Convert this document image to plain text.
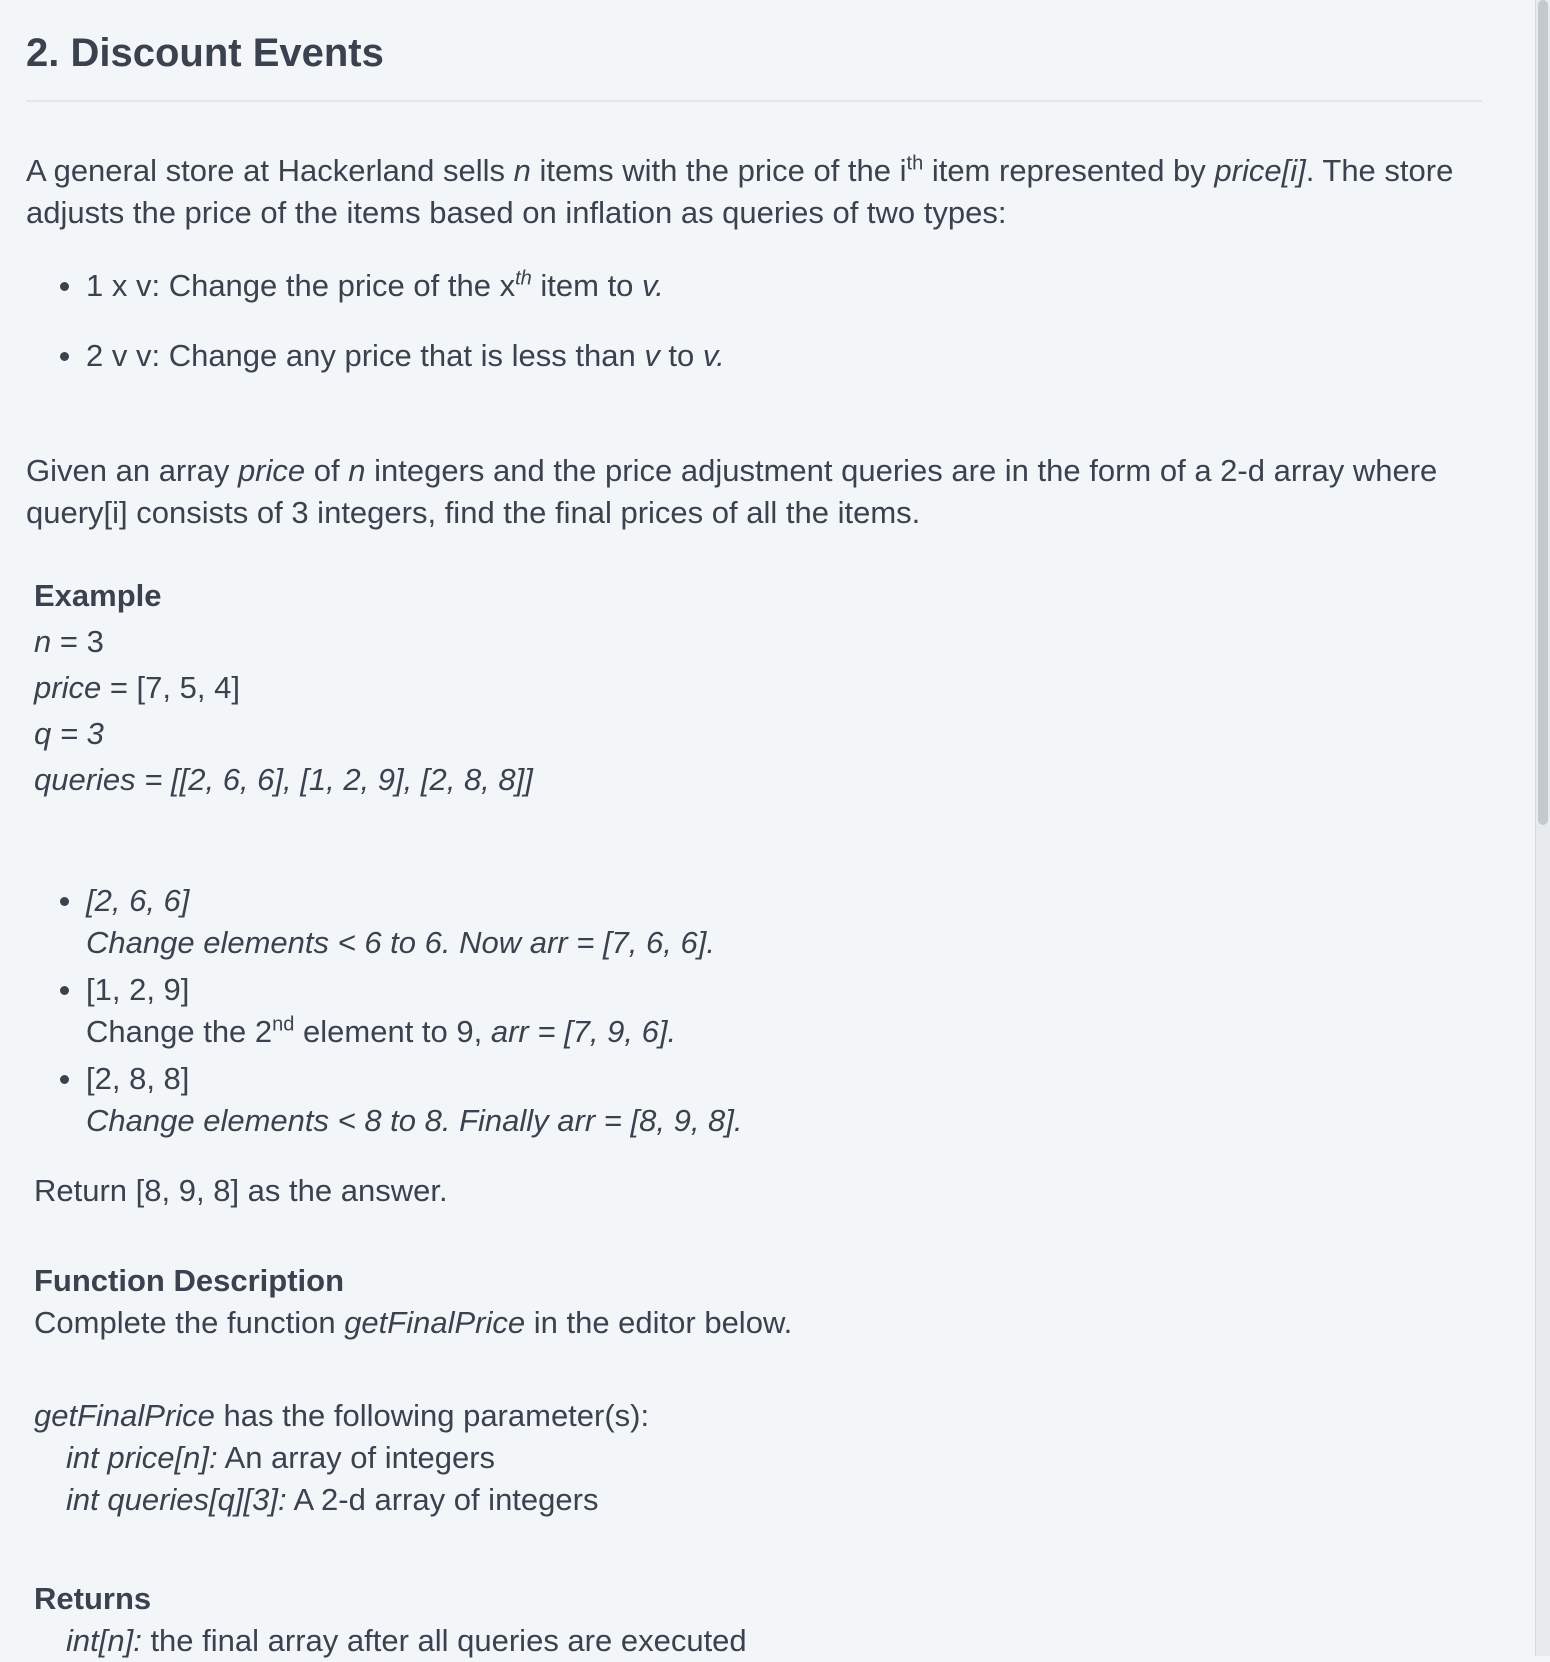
2. Discount Events
A general store at Hackerland sells n items with the price of the $i^{th}$ item represented by price[i]. The store adjusts the price of the items based on inflation as queries of two types:
1 x v: Change the price of the $x^{th}$ item to v.
2 v v: Change any price that is less than v to v.
Given an array price of n integers and the price adjustment queries are in the form of a 2-d array where query[i] consists of 3 integers, find the final prices of all the items.
Example
n = 3
price = [7, 5, 4]
q = 3
queries = [[2, 6, 6], [1, 2, 9], [2, 8, 8]]
[2, 6, 6]
Change elements < 6 to 6. Now arr = [7, 6, 6].
[1, 2, 9]
Change the 2nd element to 9, arr = [7, 9, 6].
[2, 8, 8]
Change elements < 8 to 8. Finally arr = [8, 9, 8].
Return [8, 9, 8] as the answer.
Function Description
Complete the function getFinalPrice in the editor below.
getFinalPrice has the following parameter(s):
int price[n]: An array of integers
int queries[q][3]: A 2-d array of integers
Returns
int[n]: the final array after all queries are executed
